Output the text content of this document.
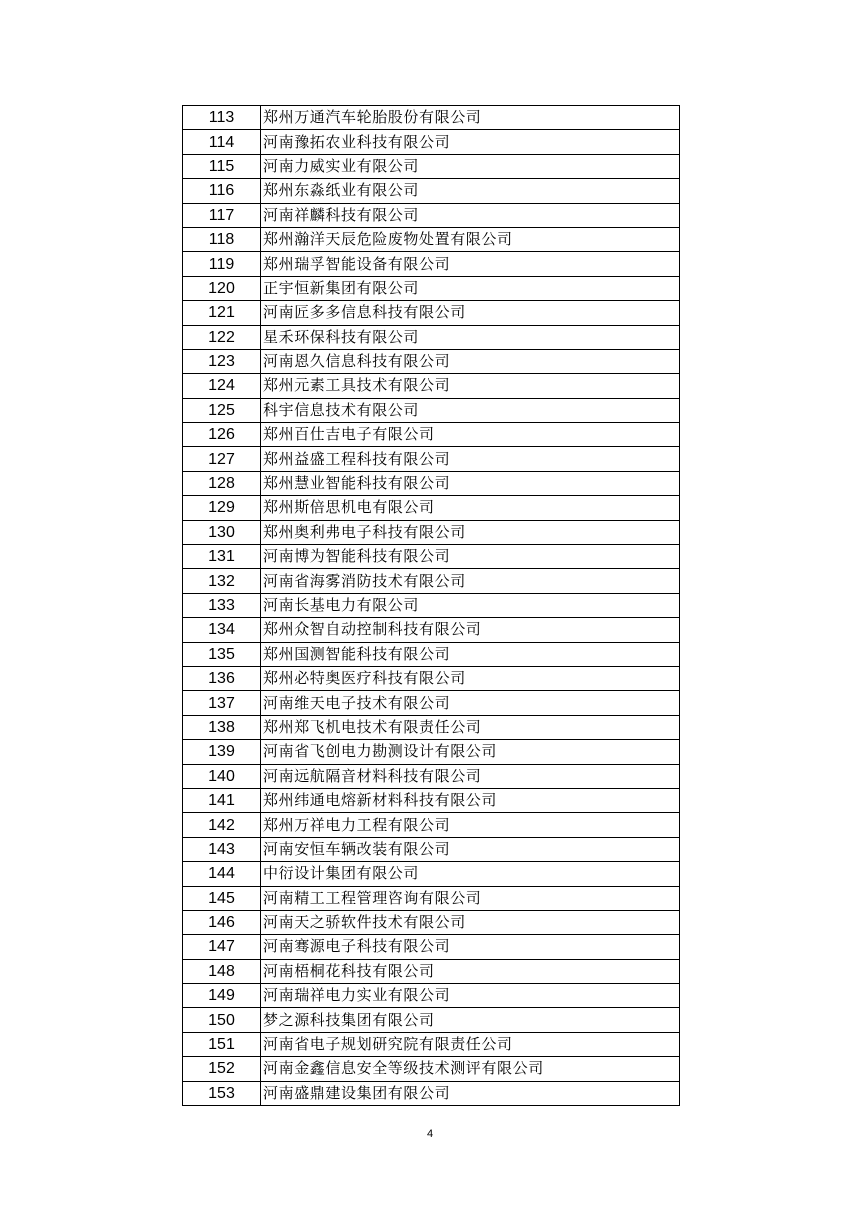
113	郑州万通汽车轮胎股份有限公司
114	河南豫拓农业科技有限公司
115	河南力威实业有限公司
116	郑州东淼纸业有限公司
117	河南祥麟科技有限公司
118	郑州瀚洋天辰危险废物处置有限公司
119	郑州瑞孚智能设备有限公司
120	正宇恒新集团有限公司
121	河南匠多多信息科技有限公司
122	星禾环保科技有限公司
123	河南恩久信息科技有限公司
124	郑州元素工具技术有限公司
125	科宇信息技术有限公司
126	郑州百仕吉电子有限公司
127	郑州益盛工程科技有限公司
128	郑州慧业智能科技有限公司
129	郑州斯倍思机电有限公司
130	郑州奥利弗电子科技有限公司
131	河南博为智能科技有限公司
132	河南省海雾消防技术有限公司
133	河南长基电力有限公司
134	郑州众智自动控制科技有限公司
135	郑州国测智能科技有限公司
136	郑州必特奥医疗科技有限公司
137	河南维天电子技术有限公司
138	郑州郑飞机电技术有限责任公司
139	河南省飞创电力勘测设计有限公司
140	河南远航隔音材料科技有限公司
141	郑州纬通电熔新材料科技有限公司
142	郑州万祥电力工程有限公司
143	河南安恒车辆改装有限公司
144	中衍设计集团有限公司
145	河南精工工程管理咨询有限公司
146	河南天之骄软件技术有限公司
147	河南骞源电子科技有限公司
148	河南梧桐花科技有限公司
149	河南瑞祥电力实业有限公司
150	梦之源科技集团有限公司
151	河南省电子规划研究院有限责任公司
152	河南金鑫信息安全等级技术测评有限公司
153	河南盛鼎建设集团有限公司
4
